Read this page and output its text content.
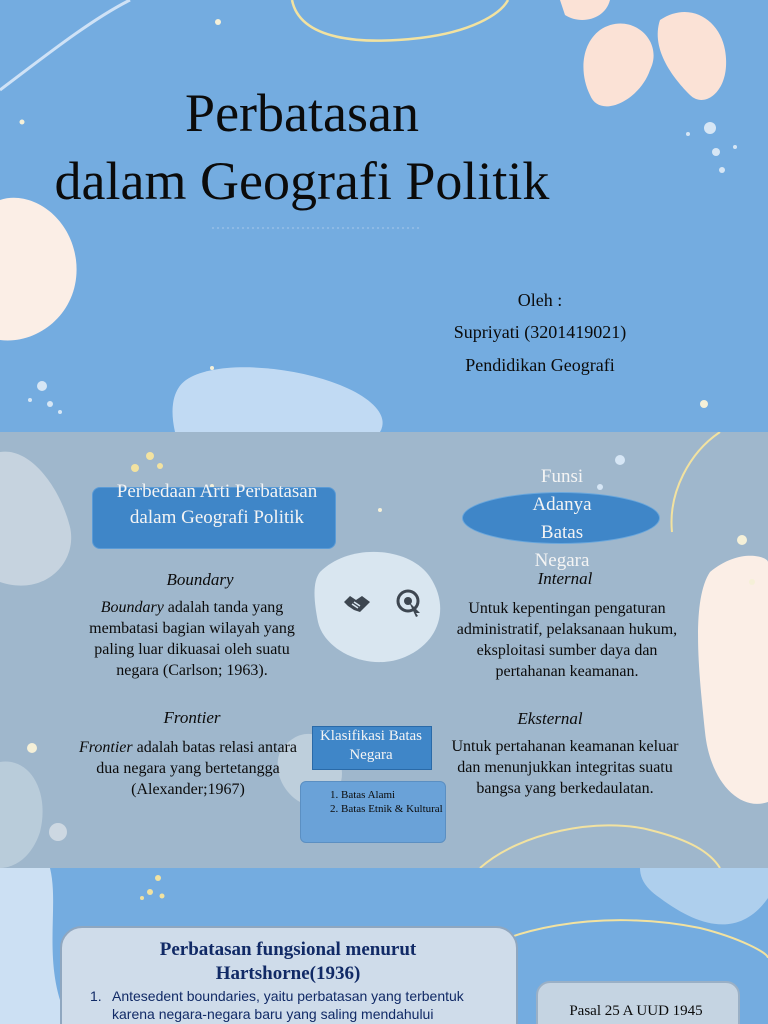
Perbatasan
dalam Geografi Politik
Oleh :
Supriyati (3201419021)
Pendidikan Geografi
Perbedaan Arti Perbatasan dalam Geografi Politik
Boundary
Boundary adalah tanda yang membatasi bagian wilayah yang paling luar dikuasai oleh suatu negara (Carlson; 1963).
Frontier
Frontier adalah batas relasi antara dua negara yang bertetangga (Alexander;1967)
Funsi Adanya Batas Negara
Internal
Untuk kepentingan pengaturan administratif, pelaksanaan hukum, eksploitasi sumber daya dan pertahanan keamanan.
Eksternal
Untuk pertahanan keamanan keluar dan menunjukkan integritas suatu bangsa yang berkedaulatan.
Klasifikasi Batas Negara
1. Batas Alami
2. Batas Etnik & Kultural
Perbatasan fungsional menurut Hartshorne(1936)
1. Antesedent boundaries, yaitu perbatasan yang terbentuk
karena negara-negara baru yang saling mendahului	Pasal 25 A UUD 1945
